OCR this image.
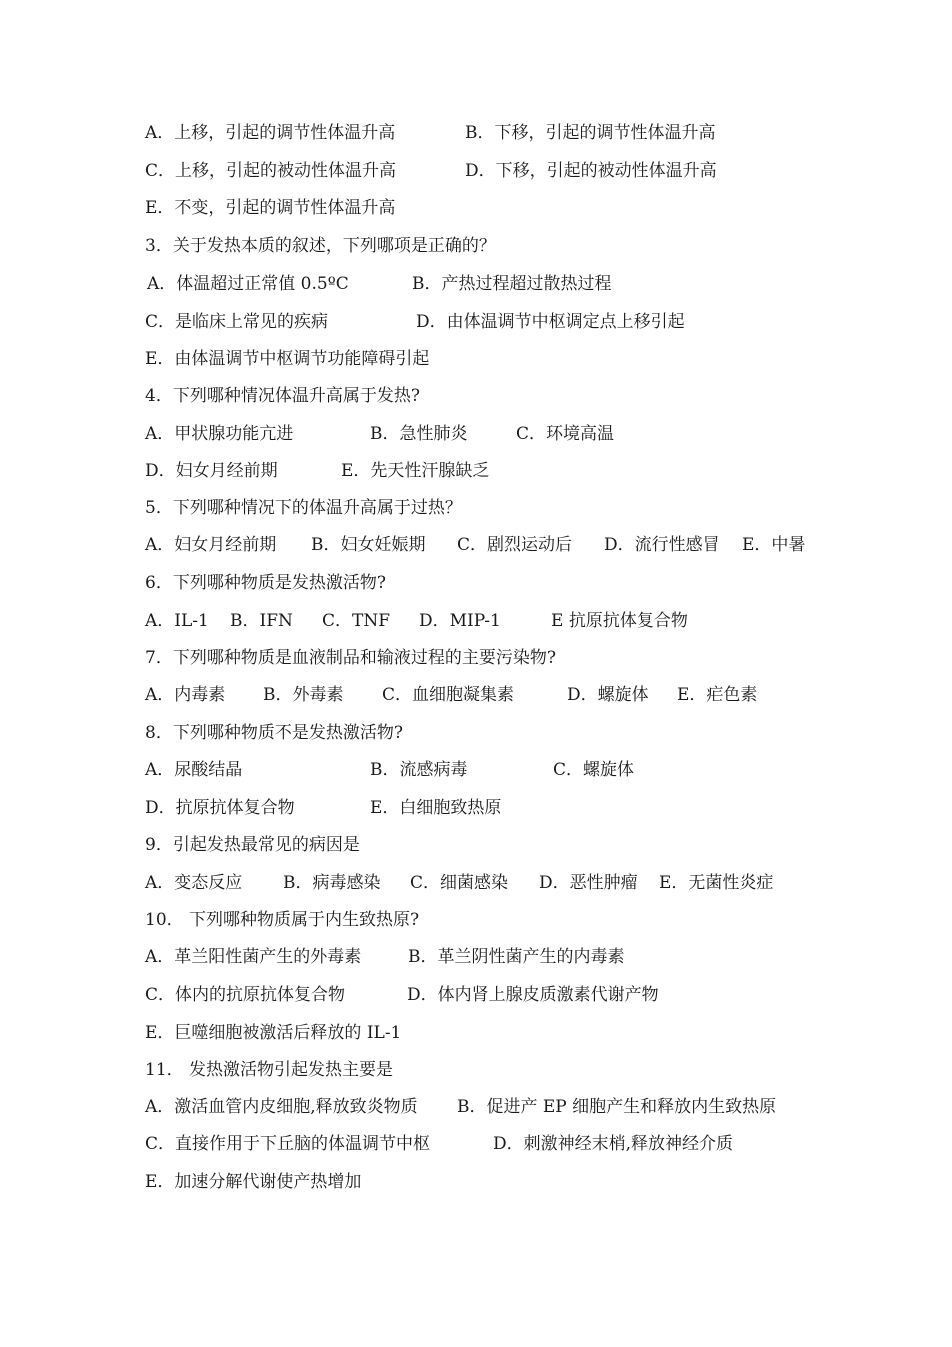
A．上移，引起的调节性体温升高

	B．下移，引起的调节性体温升高

C．上移，引起的被动性体温升高

	D．下移，引起的被动性体温升高

E．不变，引起的调节性体温升高

3．关于发热本质的叙述，下列哪项是正确的？

A．体温超过正常值 0.5ºC

	B．产热过程超过散热过程

C．是临床上常见的疾病

	D．由体温调节中枢调定点上移引起

E．由体温调节中枢调节功能障碍引起

4．下列哪种情况体温升高属于发热?

A．甲状腺功能亢进

	B．急性肺炎

	C．环境高温

D．妇女月经前期

	E．先天性汗腺缺乏

5．下列哪种情况下的体温升高属于过热？

A．妇女月经前期

B．妇女妊娠期

C．剧烈运动后

D．流行性感冒

E．中暑

6．下列哪种物质是发热激活物?

A．IL-1

B．IFN

C．TNF

D．MIP-1

	E 抗原抗体复合物

7．下列哪种物质是血液制品和输液过程的主要污染物?

A．内毒素

B．外毒素

C．血细胞凝集素

	D．螺旋体

E．疟色素

8．下列哪种物质不是发热激活物?

A．尿酸结晶

	B．流感病毒

	C．螺旋体

D．抗原抗体复合物

	E．白细胞致热原

9．引起发热最常见的病因是

A．变态反应

B．病毒感染

C．细菌感染

D．恶性肿瘤

E．无菌性炎症

10． 下列哪种物质属于内生致热原?

A．革兰阳性菌产生的外毒素

	B．革兰阴性菌产生的内毒素

C．体内的抗原抗体复合物

	D．体内肾上腺皮质激素代谢产物

E．巨噬细胞被激活后释放的 IL-1

11． 发热激活物引起发热主要是

A．激活血管内皮细胞,释放致炎物质

B．促进产 EP 细胞产生和释放内生致热原

C．直接作用于下丘脑的体温调节中枢

	D．刺激神经末梢,释放神经介质

E．加速分解代谢使产热增加
